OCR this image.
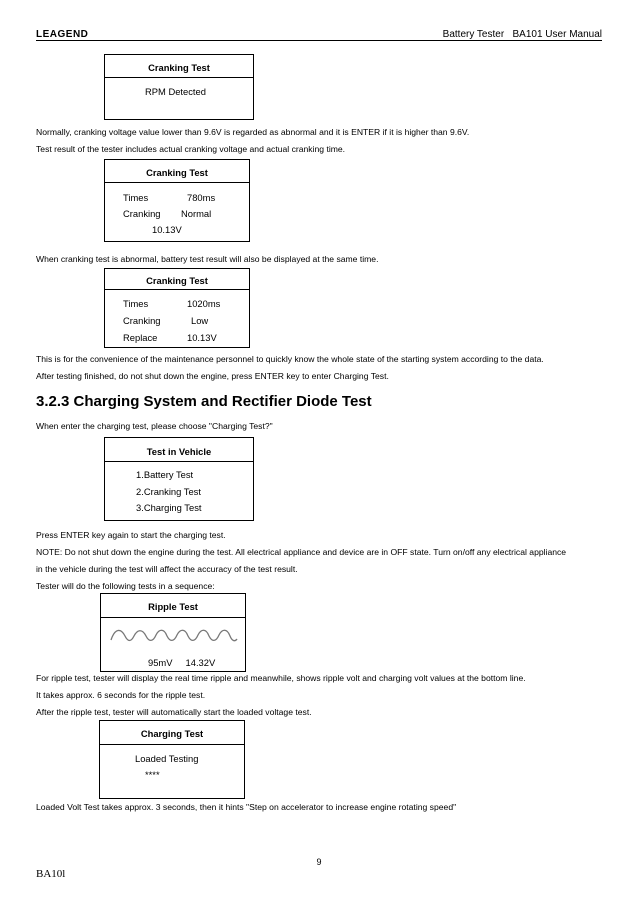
LEAGEND	Battery Tester   BA101 User Manual
Cranking Test
RPM Detected
Normally, cranking voltage value lower than 9.6V is regarded as abnormal and it is ENTER if it is higher than 9.6V.
Test result of the tester includes actual cranking voltage and actual cranking time.
Cranking Test
Times	780ms
Cranking Normal
10.13V
When cranking test is abnormal, battery test result will also be displayed at the same time.
Cranking Test
Times	1020ms
Cranking	Low
Replace	10.13V
This is for the convenience of the maintenance personnel to quickly know the whole state of the starting system according to the data.
After testing finished, do not shut down the engine, press ENTER key to enter Charging Test.
3.2.3 Charging System and Rectifier Diode Test
When enter the charging test, please choose "Charging Test?"
Test in Vehicle
1.Battery Test
2.Cranking Test
3.Charging Test
Press ENTER key again to start the charging test.
NOTE: Do not shut down the engine during the test. All electrical appliance and device are in OFF state. Turn on/off any electrical appliance
in the vehicle during the test will affect the accuracy of the test result.
Tester will do the following tests in a sequence:
Ripple Test
95mV     14.32V
For ripple test, tester will display the real time ripple and meanwhile, shows ripple volt and charging volt values at the bottom line.
It takes approx. 6 seconds for the ripple test.
After the ripple test, tester will automatically start the loaded voltage test.
Charging Test
Loaded Testing
****
Loaded Volt Test takes approx. 3 seconds, then it hints "Step on accelerator to increase engine rotating speed"
9
BA10l
